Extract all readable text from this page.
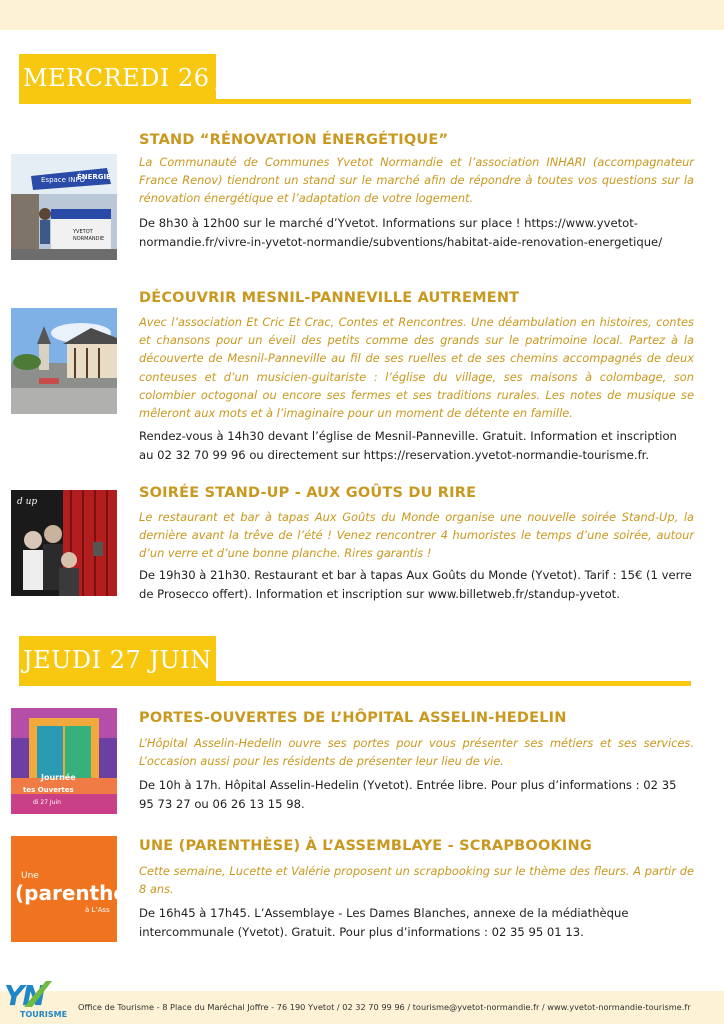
MERCREDI 26 JUIN
Espace INFO
ÉNERGIE
YVETOT
NORMANDIE
STAND “RÉNOVATION ÉNERGÉTIQUE”
La Communauté de Communes Yvetot Normandie et l’association INHARI (accompagnateur France Renov) tiendront un stand sur le marché afin de répondre à toutes vos questions sur la rénovation énergétique et l’adaptation de votre logement.
De 8h30 à 12h00 sur le marché d’Yvetot. Informations sur place ! https://www.yvetot-normandie.fr/vivre-in-yvetot-normandie/subventions/habitat-aide-renovation-energetique/
DÉCOUVRIR MESNIL-PANNEVILLE AUTREMENT
Avec l’association Et Cric Et Crac, Contes et Rencontres. Une déambulation en histoires, contes et chansons pour un éveil des petits comme des grands sur le patrimoine local. Partez à la découverte de Mesnil-Panneville au fil de ses ruelles et de ses chemins accompagnés de deux conteuses et d’un musicien-guitariste : l’église du village, ses maisons à colombage, son colombier octogonal ou encore ses fermes et ses traditions rurales. Les notes de musique se mêleront aux mots et à l’imaginaire pour un moment de détente en famille.
Rendez-vous à 14h30 devant l’église de Mesnil-Panneville. Gratuit. Information et inscription au 02 32 70 99 96 ou directement sur https://reservation.yvetot-normandie-tourisme.fr.
d up
SOIRÉE STAND-UP - AUX GOÛTS DU RIRE
Le restaurant et bar à tapas Aux Goûts du Monde organise une nouvelle soirée Stand-Up, la dernière avant la trêve de l’été ! Venez rencontrer 4 humoristes le temps d’une soirée, autour d’un verre et d’une bonne planche. Rires garantis !
De 19h30 à 21h30. Restaurant et bar à tapas Aux Goûts du Monde (Yvetot). Tarif : 15€ (1 verre de Prosecco offert). Information et inscription sur www.billetweb.fr/standup-yvetot.
JEUDI 27 JUIN
Journée
tes Ouvertes
di 27 Juin
PORTES-OUVERTES DE L’HÔPITAL ASSELIN-HEDELIN
L’Hôpital Asselin-Hedelin ouvre ses portes pour vous présenter ses métiers et ses services. L’occasion aussi pour les résidents de présenter leur lieu de vie.
De 10h à 17h. Hôpital Asselin-Hedelin (Yvetot). Entrée libre. Pour plus d’informations : 02 35 95 73 27 ou 06 26 13 15 98.
Une
(parenthè
à L’Ass
UNE (PARENTHÈSE) À L’ASSEMBLAYE - SCRAPBOOKING
Cette semaine, Lucette et Valérie proposent un scrapbooking sur le thème des fleurs. A partir de 8 ans.
De 16h45 à 17h45. L’Assemblaye - Les Dames Blanches, annexe de la médiathèque intercommunale (Yvetot). Gratuit. Pour plus d’informations : 02 35 95 01 13.
YN
TOURISME
Office de Tourisme - 8 Place du Maréchal Joffre - 76 190 Yvetot / 02 32 70 99 96 / tourisme@yvetot-normandie.fr / www.yvetot-normandie-tourisme.fr
